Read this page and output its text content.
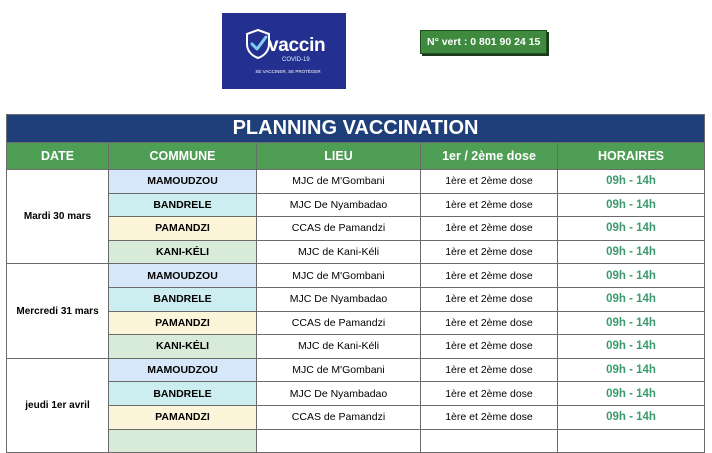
vaccin
COVID-19
SE VACCINER, SE PROTÉGER
N° vert : 0 801 90 24 15
PLANNING VACCINATION				
DATE	COMMUNE	LIEU	1er / 2ème dose	HORAIRES
Mardi 30 mars	MAMOUDZOU	MJC de M'Gombani	1ère et 2ème dose	09h - 14h
	BANDRELE	MJC De Nyambadao	1ère et 2ème dose	09h - 14h
	PAMANDZI	CCAS de Pamandzi	1ère et 2ème dose	09h - 14h
	KANI-KÉLI	MJC de Kani-Kéli	1ère et 2ème dose	09h - 14h
Mercredi 31 mars	MAMOUDZOU	MJC de M'Gombani	1ère et 2ème dose	09h - 14h
	BANDRELE	MJC De Nyambadao	1ère et 2ème dose	09h - 14h
	PAMANDZI	CCAS de Pamandzi	1ère et 2ème dose	09h - 14h
	KANI-KÉLI	MJC de Kani-Kéli	1ère et 2ème dose	09h - 14h
jeudi 1er avril	MAMOUDZOU	MJC de M'Gombani	1ère et 2ème dose	09h - 14h
	BANDRELE	MJC De Nyambadao	1ère et 2ème dose	09h - 14h
	PAMANDZI	CCAS de Pamandzi	1ère et 2ème dose	09h - 14h
